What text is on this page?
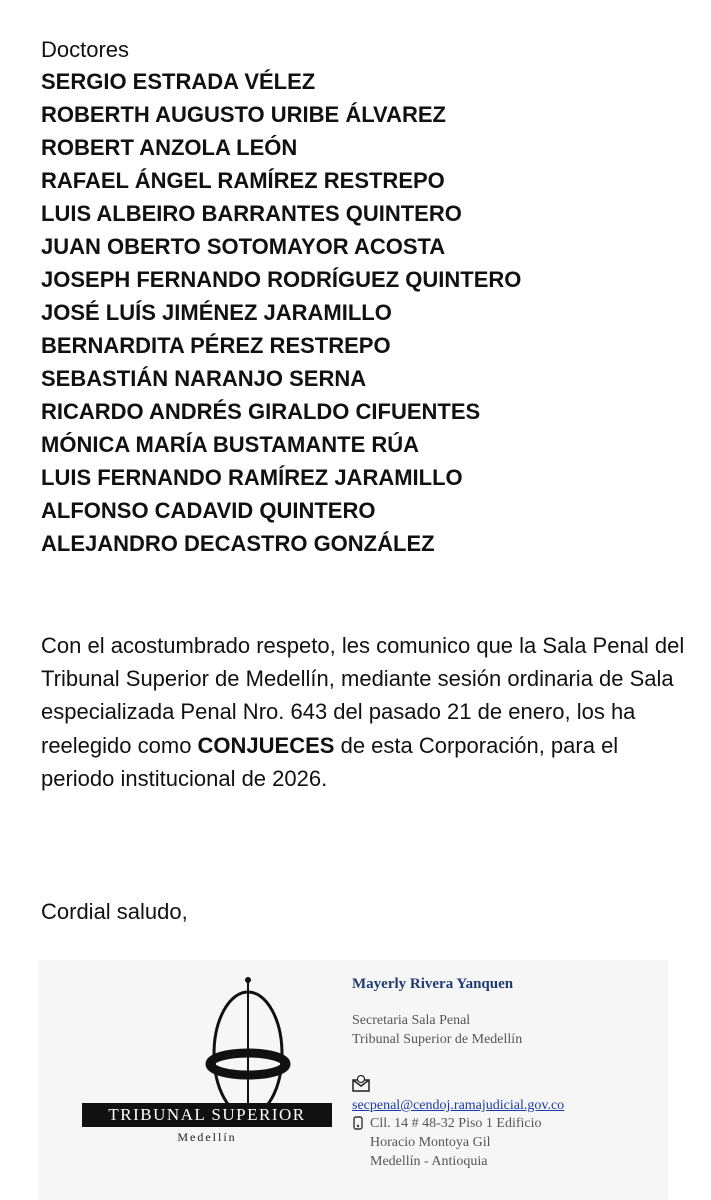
Doctores

SERGIO ESTRADA VÉLEZ
ROBERTH AUGUSTO URIBE ÁLVAREZ
ROBERT ANZOLA LEÓN
RAFAEL ÁNGEL RAMÍREZ RESTREPO
LUIS ALBEIRO BARRANTES QUINTERO
JUAN OBERTO SOTOMAYOR ACOSTA
JOSEPH FERNANDO RODRÍGUEZ QUINTERO
JOSÉ LUÍS JIMÉNEZ JARAMILLO
BERNARDITA PÉREZ RESTREPO
SEBASTIÁN NARANJO SERNA
RICARDO ANDRÉS GIRALDO CIFUENTES
MÓNICA MARÍA BUSTAMANTE RÚA
LUIS FERNANDO RAMÍREZ JARAMILLO
ALFONSO CADAVID QUINTERO
ALEJANDRO DECASTRO GONZÁLEZ

Con el acostumbrado respeto, les comunico que la Sala Penal del Tribunal Superior de Medellín, mediante sesión ordinaria de Sala especializada Penal Nro. 643 del pasado 21 de enero, los ha reelegido como CONJUECES de esta Corporación, para el periodo institucional de 2026.

Cordial saludo,

TRIBUNAL SUPERIOR
Medellín

Mayerly Rivera Yanquen

Secretaria Sala Penal

Tribunal Superior de Medellín

secpenal@cendoj.ramajudicial.gov.co

Cll. 14 # 48-32 Piso 1 Edificio

Horacio Montoya Gil

Medellín - Antioquia
